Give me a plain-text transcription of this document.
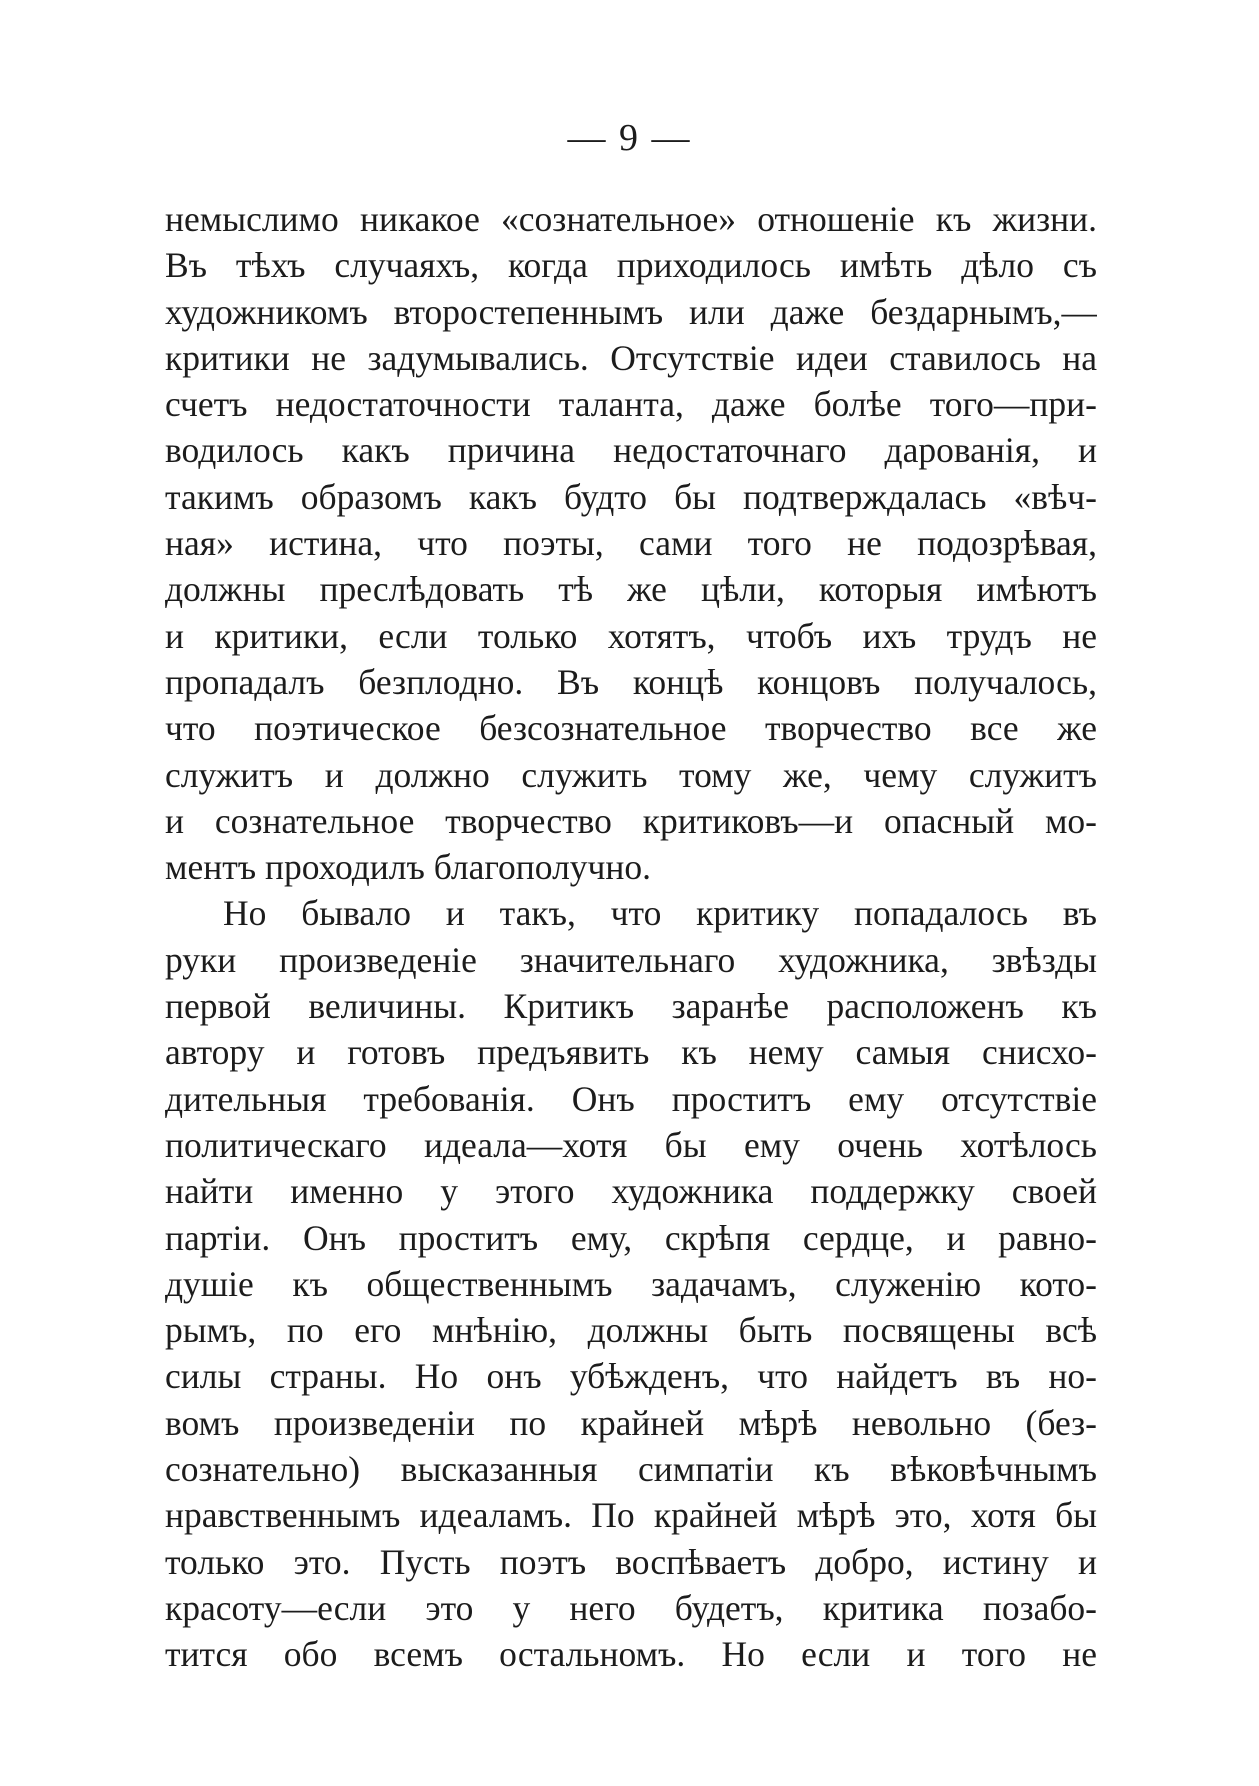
— 9 —
немыслимо никакое «сознательное» отношенiе къ жизни.
Въ тѣхъ случаяхъ, когда приходилось имѣть дѣло съ
художникомъ второстепеннымъ или даже бездарнымъ,—
критики не задумывались. Отсутствiе идеи ставилось на
счетъ недостаточности таланта, даже болѣе того—при-
водилось какъ причина недостаточнаго дарованiя, и
такимъ образомъ какъ будто бы подтверждалась «вѣч-
ная» истина, что поэты, сами того не подозрѣвая,
должны преслѣдовать тѣ же цѣли, которыя имѣютъ
и критики, если только хотятъ, чтобъ ихъ трудъ не
пропадалъ безплодно. Въ концѣ концовъ получалось,
что поэтическое безсознательное творчество все же
служитъ и должно служить тому же, чему служитъ
и сознательное творчество критиковъ—и опасный мо-
ментъ проходилъ благополучно.
Но бывало и такъ, что критику попадалось въ
руки произведенiе значительнаго художника, звѣзды
первой величины. Критикъ заранѣе расположенъ къ
автору и готовъ предъявить къ нему самыя снисхо-
дительныя требованiя. Онъ проститъ ему отсутствiе
политическаго идеала—хотя бы ему очень хотѣлось
найти именно у этого художника поддержку своей
партiи. Онъ проститъ ему, скрѣпя сердце, и равно-
душiе къ общественнымъ задачамъ, служенiю кото-
рымъ, по его мнѣнiю, должны быть посвящены всѣ
силы страны. Но онъ убѣжденъ, что найдетъ въ но-
вомъ произведенiи по крайней мѣрѣ невольно (без-
сознательно) высказанныя симпатiи къ вѣковѣчнымъ
нравственнымъ идеаламъ. По крайней мѣрѣ это, хотя бы
только это. Пусть поэтъ воспѣваетъ добро, истину и
красоту—если это у него будетъ, критика позабо-
тится обо всемъ остальномъ. Но если и того не
